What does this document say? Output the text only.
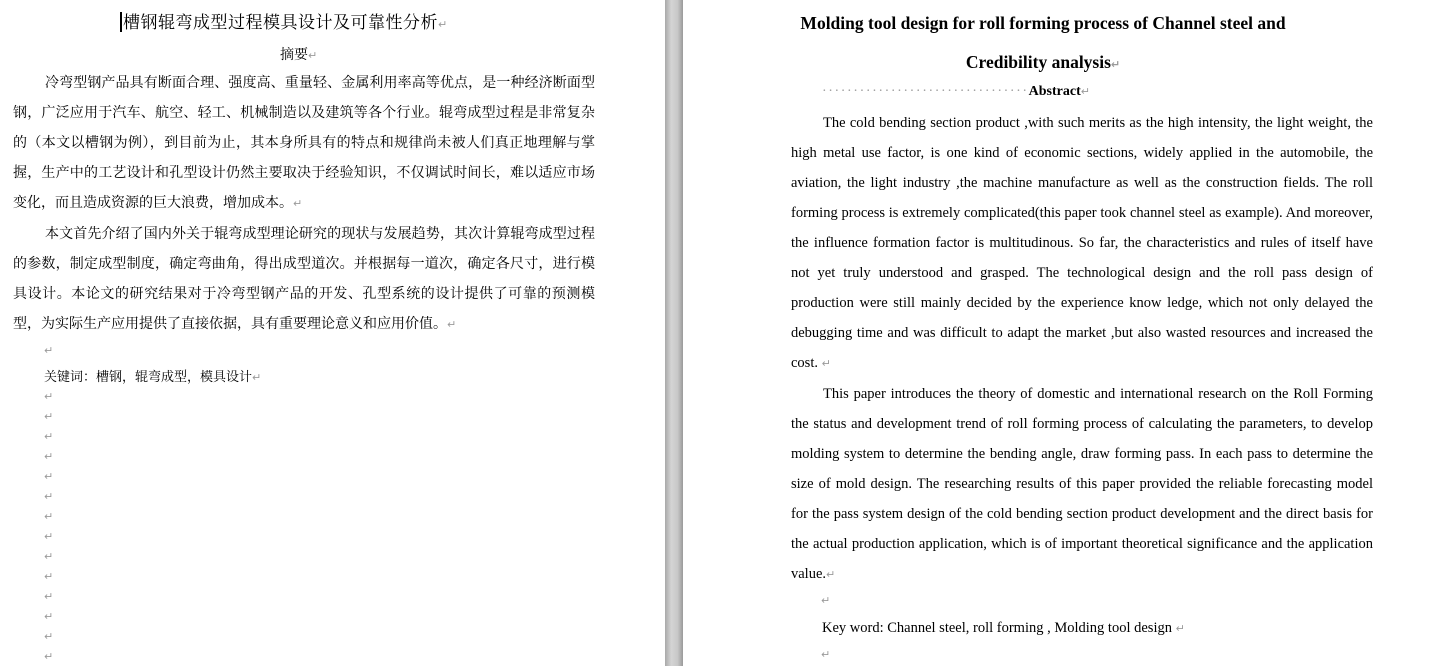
槽钢辊弯成型过程模具设计及可靠性分析↵
摘要↵

冷弯型钢产品具有断面合理、强度高、重量轻、金属利用率高等优点，是一种经济断面型钢，广泛应用于汽车、航空、轻工、机械制造以及建筑等各个行业。辊弯成型过程是非常复杂的（本文以槽钢为例），到目前为止，其本身所具有的特点和规律尚未被人们真正地理解与掌握，生产中的工艺设计和孔型设计仍然主要取决于经验知识，不仅调试时间长，难以适应市场变化，而且造成资源的巨大浪费，增加成本。↵

本文首先介绍了国内外关于辊弯成型理论研究的现状与发展趋势，其次计算辊弯成型过程的参数，制定成型制度，确定弯曲角，得出成型道次。并根据每一道次，确定各尺寸，进行模具设计。本论文的研究结果对于冷弯型钢产品的开发、孔型系统的设计提供了可靠的预测模型，为实际生产应用提供了直接依据，具有重要理论意义和应用价值。↵

↵
关键词：槽钢，辊弯成型，模具设计↵
↵
↵
↵
↵
↵
↵
↵
↵
↵
↵
↵
↵
↵
↵
Molding tool design for roll forming process of Channel steel and Credibility analysis↵
·································Abstract↵

The cold bending section product ,with such merits as the high intensity, the light weight, the high metal use factor, is one kind of economic sections, widely applied in the automobile, the aviation, the light industry ,the machine manufacture as well as the construction fields. The roll forming process is extremely complicated(this paper took channel steel as example). And moreover, the influence formation factor is multitudinous. So far, the characteristics and rules of itself have not yet truly understood and grasped. The technological design and the roll pass design of production were still mainly decided by the experience know ledge, which not only delayed the debugging time and was difficult to adapt the market ,but also wasted resources and increased the cost. ↵

This paper introduces the theory of domestic and international research on the Roll Forming the status and development trend of roll forming process of calculating the parameters, to develop molding system to determine the bending angle, draw forming pass. In each pass to determine the size of mold design. The researching results of this paper provided the reliable forecasting model for the pass system design of the cold bending section product development and the direct basis for the actual production application, which is of important theoretical significance and the application value.↵

↵
Key word: Channel steel, roll forming , Molding tool design ↵
↵
